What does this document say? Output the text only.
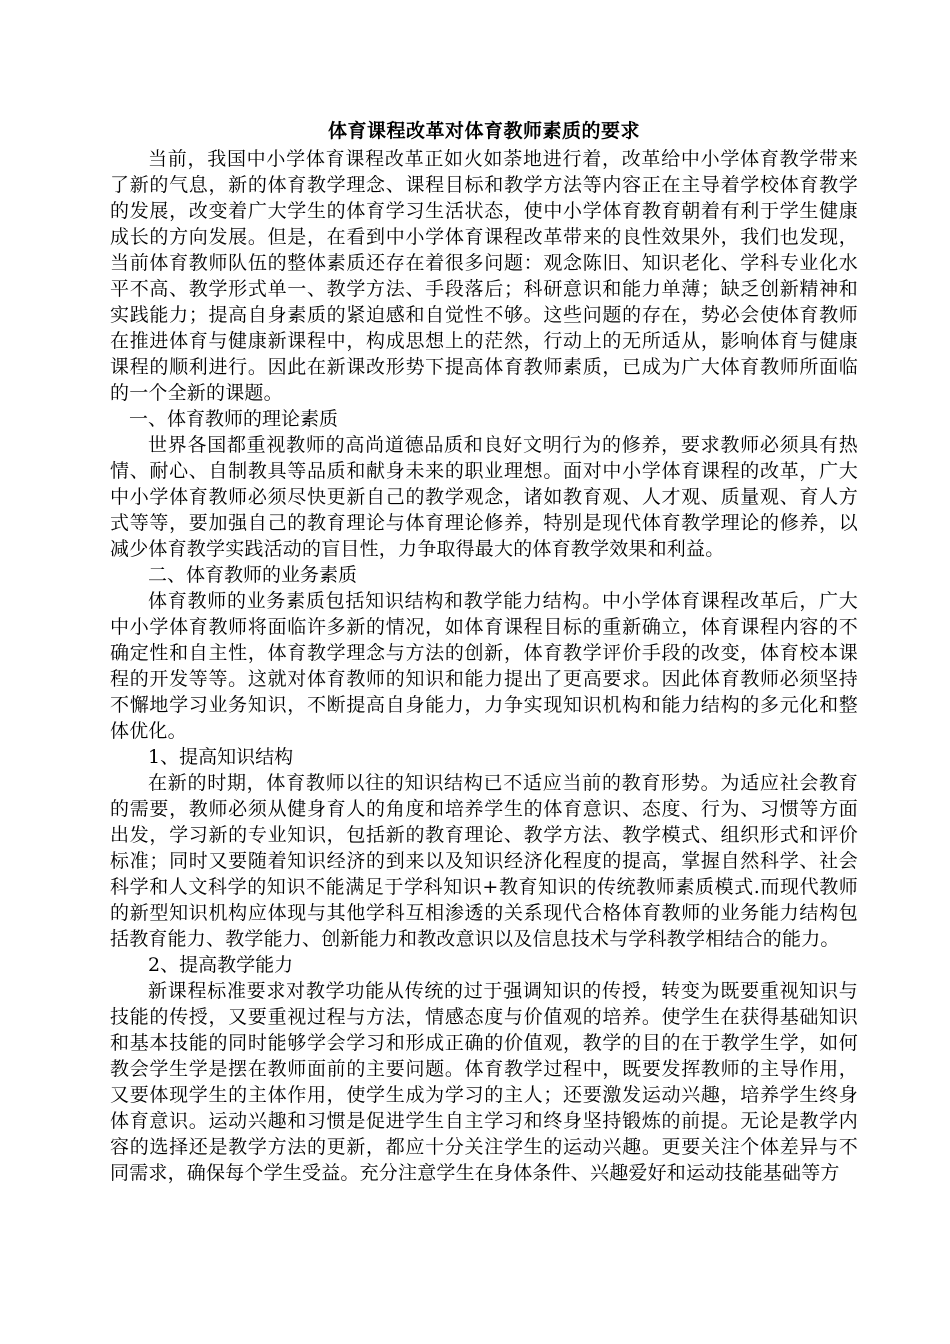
体育课程改革对体育教师素质的要求

当前，我国中小学体育课程改革正如火如荼地进行着，改革给中小学体育教学带来了新的气息，新的体育教学理念、课程目标和教学方法等内容正在主导着学校体育教学的发展，改变着广大学生的体育学习生活状态，使中小学体育教育朝着有利于学生健康成长的方向发展。但是，在看到中小学体育课程改革带来的良性效果外，我们也发现，当前体育教师队伍的整体素质还存在着很多问题：观念陈旧、知识老化、学科专业化水平不高、教学形式单一、教学方法、手段落后；科研意识和能力单薄；缺乏创新精神和实践能力；提高自身素质的紧迫感和自觉性不够。这些问题的存在，势必会使体育教师在推进体育与健康新课程中，构成思想上的茫然，行动上的无所适从，影响体育与健康课程的顺利进行。因此在新课改形势下提高体育教师素质，已成为广大体育教师所面临的一个全新的课题。

一、体育教师的理论素质

世界各国都重视教师的高尚道德品质和良好文明行为的修养，要求教师必须具有热情、耐心、自制教具等品质和献身未来的职业理想。面对中小学体育课程的改革，广大中小学体育教师必须尽快更新自己的教学观念，诸如教育观、人才观、质量观、育人方式等等，要加强自己的教育理论与体育理论修养，特别是现代体育教学理论的修养，以减少体育教学实践活动的盲目性，力争取得最大的体育教学效果和利益。

二、体育教师的业务素质

体育教师的业务素质包括知识结构和教学能力结构。中小学体育课程改革后，广大中小学体育教师将面临许多新的情况，如体育课程目标的重新确立，体育课程内容的不确定性和自主性，体育教学理念与方法的创新，体育教学评价手段的改变，体育校本课程的开发等等。这就对体育教师的知识和能力提出了更高要求。因此体育教师必须坚持不懈地学习业务知识，不断提高自身能力，力争实现知识机构和能力结构的多元化和整体优化。

1、提高知识结构

在新的时期，体育教师以往的知识结构已不适应当前的教育形势。为适应社会教育的需要，教师必须从健身育人的角度和培养学生的体育意识、态度、行为、习惯等方面出发，学习新的专业知识，包括新的教育理论、教学方法、教学模式、组织形式和评价标准；同时又要随着知识经济的到来以及知识经济化程度的提高，掌握自然科学、社会科学和人文科学的知识不能满足于学科知识+教育知识的传统教师素质模式.而现代教师的新型知识机构应体现与其他学科互相渗透的关系现代合格体育教师的业务能力结构包括教育能力、教学能力、创新能力和教改意识以及信息技术与学科教学相结合的能力。

2、提高教学能力

新课程标准要求对教学功能从传统的过于强调知识的传授，转变为既要重视知识与技能的传授，又要重视过程与方法，情感态度与价值观的培养。使学生在获得基础知识和基本技能的同时能够学会学习和形成正确的价值观，教学的目的在于教学生学，如何教会学生学是摆在教师面前的主要问题。体育教学过程中，既要发挥教师的主导作用，又要体现学生的主体作用，使学生成为学习的主人；还要激发运动兴趣，培养学生终身体育意识。运动兴趣和习惯是促进学生自主学习和终身坚持锻炼的前提。无论是教学内容的选择还是教学方法的更新，都应十分关注学生的运动兴趣。更要关注个体差异与不同需求，确保每个学生受益。充分注意学生在身体条件、兴趣爱好和运动技能基础等方
